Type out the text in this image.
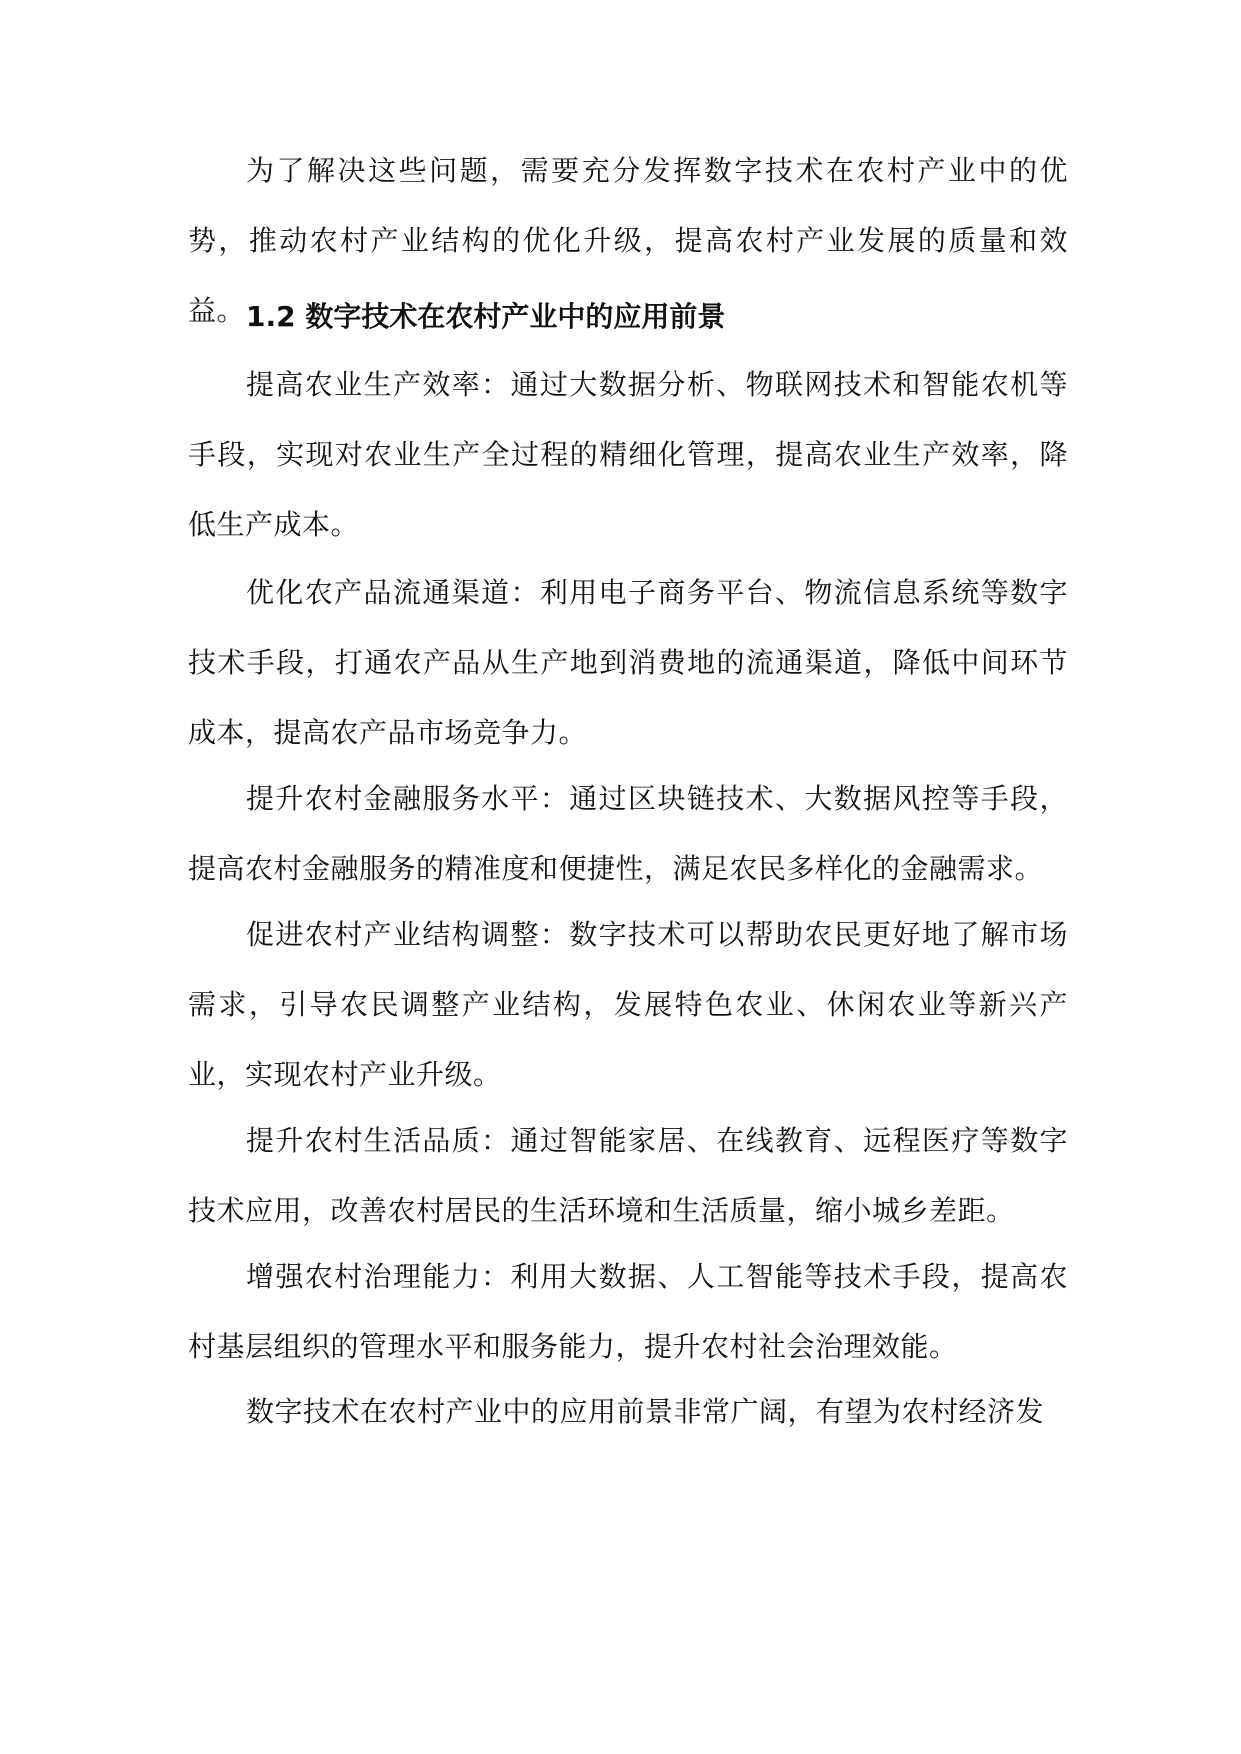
为了解决这些问题，需要充分发挥数字技术在农村产业中的优势，推动农村产业结构的优化升级，提高农村产业发展的质量和效益。 1.2 数字技术在农村产业中的应用前景

提高农业生产效率：通过大数据分析、物联网技术和智能农机等手段，实现对农业生产全过程的精细化管理，提高农业生产效率，降低生产成本。

优化农产品流通渠道：利用电子商务平台、物流信息系统等数字技术手段，打通农产品从生产地到消费地的流通渠道，降低中间环节成本，提高农产品市场竞争力。

提升农村金融服务水平：通过区块链技术、大数据风控等手段，提高农村金融服务的精准度和便捷性，满足农民多样化的金融需求。

促进农村产业结构调整：数字技术可以帮助农民更好地了解市场需求，引导农民调整产业结构，发展特色农业、休闲农业等新兴产业，实现农村产业升级。

提升农村生活品质：通过智能家居、在线教育、远程医疗等数字技术应用，改善农村居民的生活环境和生活质量，缩小城乡差距。

增强农村治理能力：利用大数据、人工智能等技术手段，提高农村基层组织的管理水平和服务能力，提升农村社会治理效能。

数字技术在农村产业中的应用前景非常广阔，有望为农村经济发
